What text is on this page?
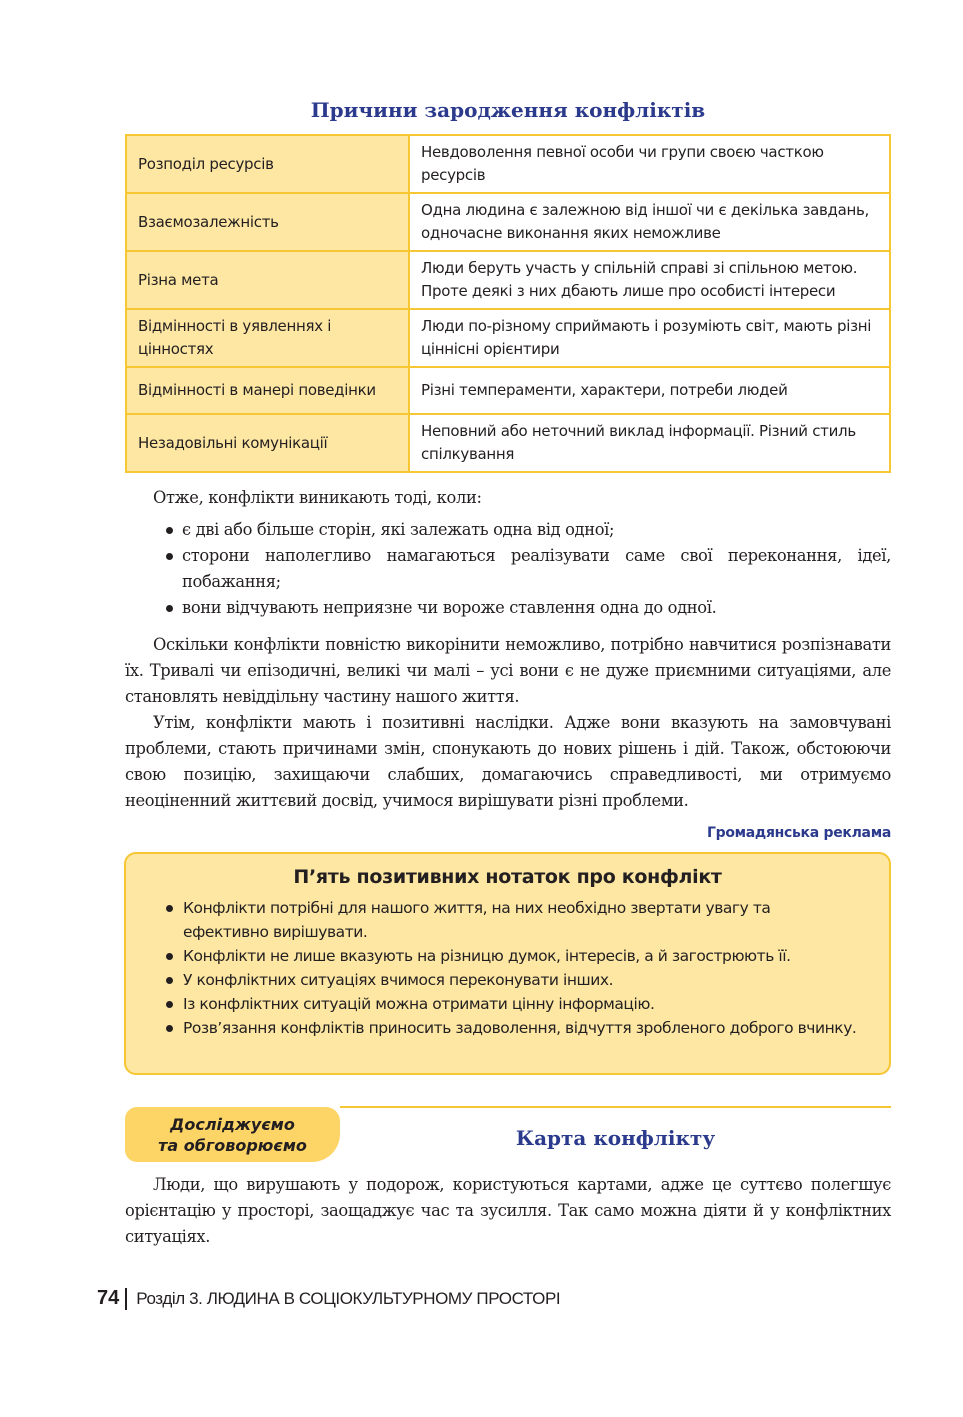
Причини зародження конфліктів
Розподіл ресурсів	Невдоволення певної особи чи групи своєю часткою ресурсів
Взаємозалежність	Одна людина є залежною від іншої чи є декілька завдань, одночасне виконання яких неможливе
Різна мета	Люди беруть участь у спільній справі зі спільною метою. Проте деякі з них дбають лише про особисті інтереси
Відмінності в уявленнях і цінностях	Люди по-різному сприймають і розуміють світ, мають різні ціннісні орієнтири
Відмінності в манері поведінки	Різні темпераменти, характери, потреби людей
Незадовільні комунікації	Неповний або неточний виклад інформації. Різний стиль спілкування

Отже, конфлікти виникають тоді, коли:

є дві або більше сторін, які залежать одна від одної;
сторони наполегливо намагаються реалізувати саме свої переконання, ідеї, побажання;
вони відчувають неприязне чи вороже ставлення одна до одної.

Оскільки конфлікти повністю викорінити неможливо, потрібно навчитися розпізнавати їх. Тривалі чи епізодичні, великі чи малі – усі вони є не дуже приємними ситуаціями, але становлять невіддільну частину нашого життя.

Утім, конфлікти мають і позитивні наслідки. Адже вони вказують на замовчувані проблеми, стають причинами змін, спонукають до нових рішень і дій. Також, обстоюючи свою позицію, захищаючи слабших, домагаючись справедливості, ми отримуємо неоціненний життєвий досвід, учимося вирішувати різні проблеми.

Громадянська реклама
П’ять позитивних нотаток про конфлікт
Конфлікти потрібні для нашого життя, на них необхідно звертати увагу та ефективно вирішувати.
Конфлікти не лише вказують на різницю думок, інтересів, а й загострюють її.
У конфліктних ситуаціях вчимося переконувати інших.
Із конфліктних ситуацій можна отримати цінну інформацію.
Розв’язання конфліктів приносить задоволення, відчуття зробленого доброго вчинку.
Досліджуємо
та обговорюємо	Карта конфлікту

Люди, що вирушають у подорож, користуються картами, адже це суттєво полегшує орієнтацію у просторі, заощаджує час та зусилля. Так само можна діяти й у конфліктних ситуаціях.

74 Розділ 3. ЛЮДИНА В СОЦІОКУЛЬТУРНОМУ ПРОСТОРІ
